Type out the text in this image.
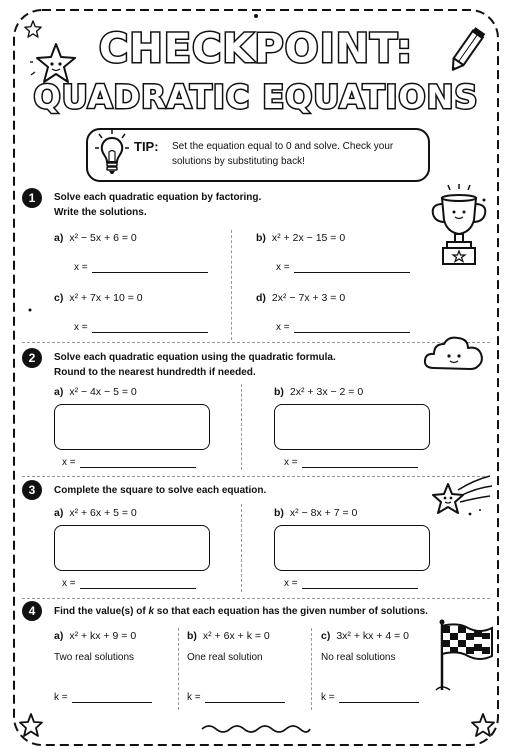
CHECKPOINT:
QUADRATIC EQUATIONS
TIP: Set the equation equal to 0 and solve. Check your solutions by substituting back!
1	Solve each quadratic equation by factoring.
Write the solutions.
a) x² − 5x + 6 = 0
x =
b) x² + 2x − 15 = 0
x =
c) x² + 7x + 10 = 0
x =
d) 2x² − 7x + 3 = 0
x =
2	Solve each quadratic equation using the quadratic formula.
Round to the nearest hundredth if needed.
a) x² − 4x − 5 = 0
x =
b) 2x² + 3x − 2 = 0
x =
3	Complete the square to solve each equation.
a) x² + 6x + 5 = 0
x =
b) x² − 8x + 7 = 0
x =
4	Find the value(s) of k so that each equation has the given number of solutions.
a) x² + kx + 9 = 0
Two real solutions
k =
b) x² + 6x + k = 0
One real solution
k =
c) 3x² + kx + 4 = 0
No real solutions
k =
